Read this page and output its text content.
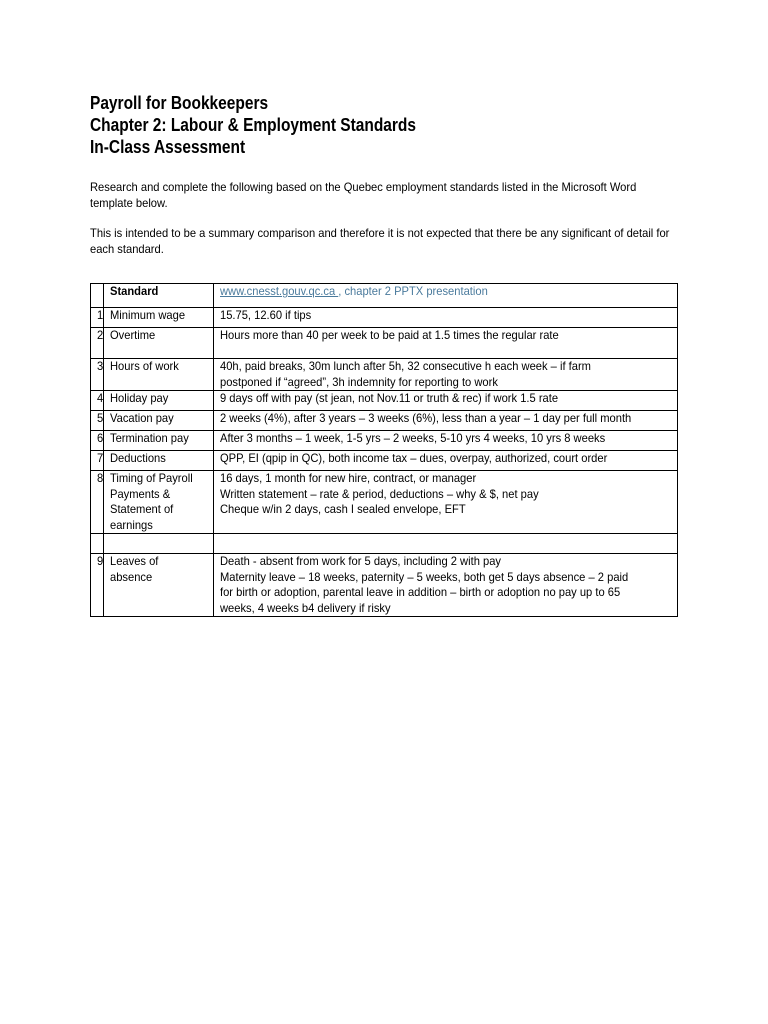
Payroll for Bookkeepers
Chapter 2: Labour & Employment Standards
In-Class Assessment
Research and complete the following based on the Quebec employment standards listed in the Microsoft Word template below.
This is intended to be a summary comparison and therefore it is not expected that there be any significant of detail for each standard.

	Standard	www.cnesst.gouv.qc.ca , chapter 2 PPTX presentation

1	Minimum wage	15.75, 12.60 if tips

2	Overtime	Hours more than 40 per week to be paid at 1.5 times the regular rate

3	Hours of work	40h, paid breaks, 30m lunch after 5h, 32 consecutive h each week – if farm postponed if “agreed”, 3h indemnity for reporting to work

4	Holiday pay	9 days off with pay (st jean, not Nov.11 or truth & rec) if work 1.5 rate

5	Vacation pay	2 weeks (4%), after 3 years – 3 weeks (6%), less than a year – 1 day per full month

6	Termination pay	After 3 months – 1 week, 1-5 yrs – 2 weeks, 5-10 yrs 4 weeks, 10 yrs 8 weeks

7	Deductions	QPP, EI (qpip in QC), both income tax – dues, overpay, authorized, court order

8	Timing of Payroll Payments & Statement of earnings	16 days, 1 month for new hire, contract, or manager
Written statement – rate & period, deductions – why & $, net pay
Cheque w/in 2 days, cash I sealed envelope, EFT

9	Leaves of absence	Death - absent from work for 5 days, including 2 with pay
Maternity leave – 18 weeks, paternity – 5 weeks, both get 5 days absence – 2 paid for birth or adoption, parental leave in addition – birth or adoption no pay up to 65 weeks, 4 weeks b4 delivery if risky
